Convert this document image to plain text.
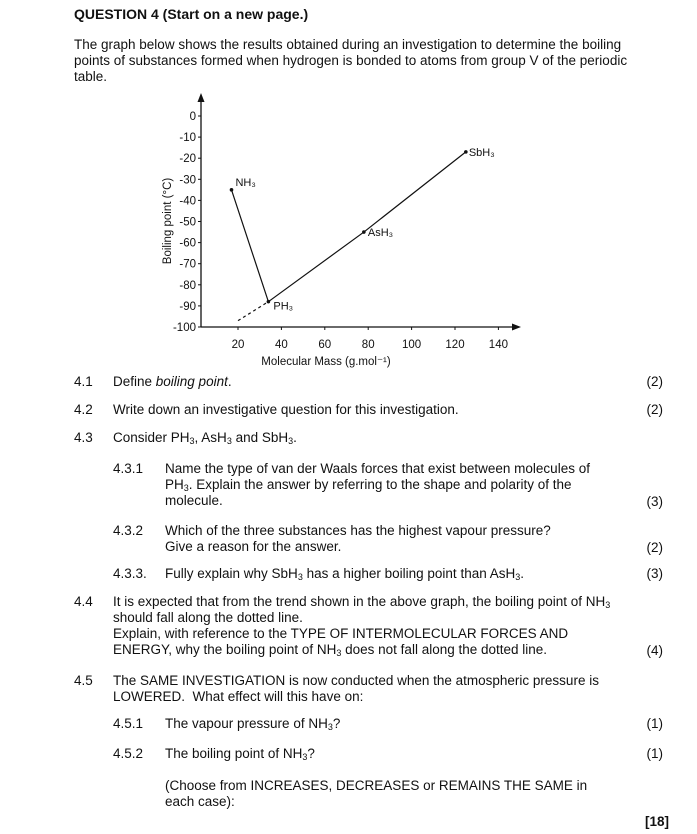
QUESTION 4 (Start on a new page.)
The graph below shows the results obtained during an investigation to determine the boiling points of substances formed when hydrogen is bonded to atoms from group V of the periodic table.
0
-10
-20
-30
-40
-50
-60
-70
-80
-90
-100
20	40	60	80 100 120 140
NH₃
PH₃
AsH₃
SbH₃
Molecular Mass (g.mol⁻¹)
Boiling point (°C)
4.1 Define boiling point.	(2)
4.2 Write down an investigative question for this investigation.	(2)
4.3 Consider $PH_3$, AsH$_3$ and SbH$_3$.
4.3.1 Name the type of van der Waals forces that exist between molecules of $PH_3$. Explain the answer by referring to the shape and polarity of the molecule.	(3)
4.3.2 Which of the three substances has the highest vapour pressure?
Give a reason for the answer.	(2)
4.3.3. Fully explain why SbH$_3$ has a higher boiling point than AsH$_3$.	(3)
4.4 It is expected that from the trend shown in the above graph, the boiling point of $NH_3$ should fall along the dotted line.
Explain, with reference to the TYPE OF INTERMOLECULAR FORCES AND ENERGY, why the boiling point of $NH_3$ does not fall along the dotted line.	(4)
4.5 The SAME INVESTIGATION is now conducted when the atmospheric pressure is LOWERED.  What effect will this have on:
4.5.1 The vapour pressure of $NH_3$?	(1)
4.5.2 The boiling point of $NH_3$?	(1)
(Choose from INCREASES, DECREASES or REMAINS THE SAME in each case):
[18]
